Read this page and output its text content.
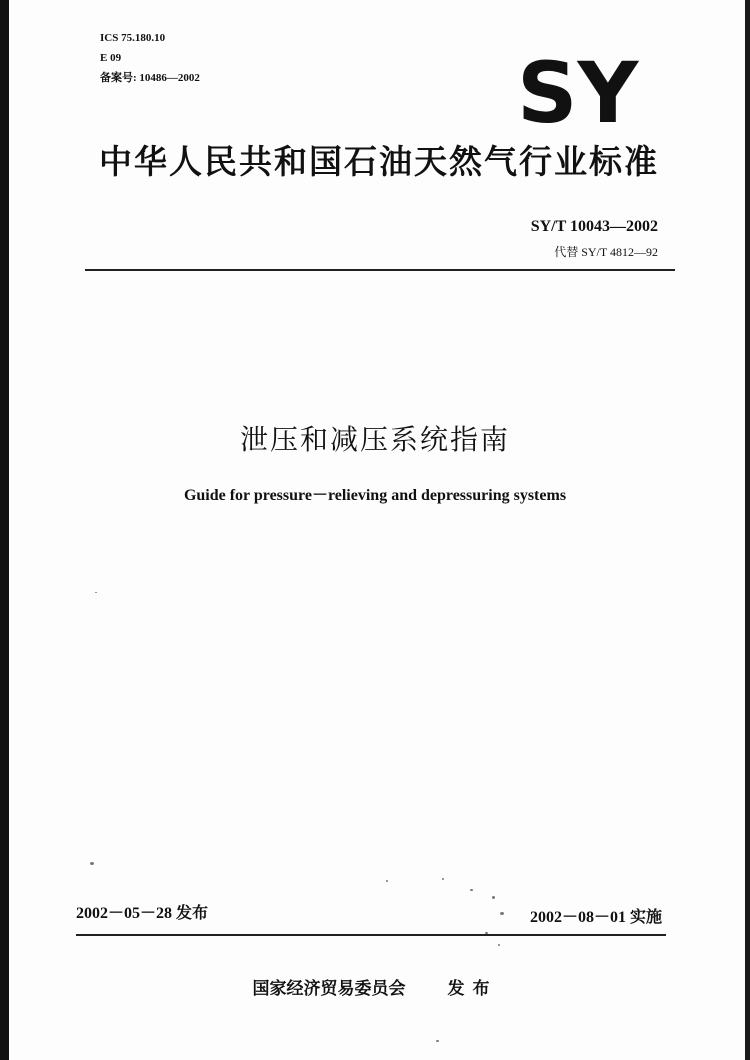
ICS 75.180.10
E 09
备案号: 10486—2002	SY
中华人民共和国石油天然气行业标准
SY/T 10043—2002
代替 SY/T 4812—92
泄压和减压系统指南
Guide for pressure－relieving and depressuring systems
2002－05－28 发布	2002－08－01 实施
国家经济贸易委员会 发布
